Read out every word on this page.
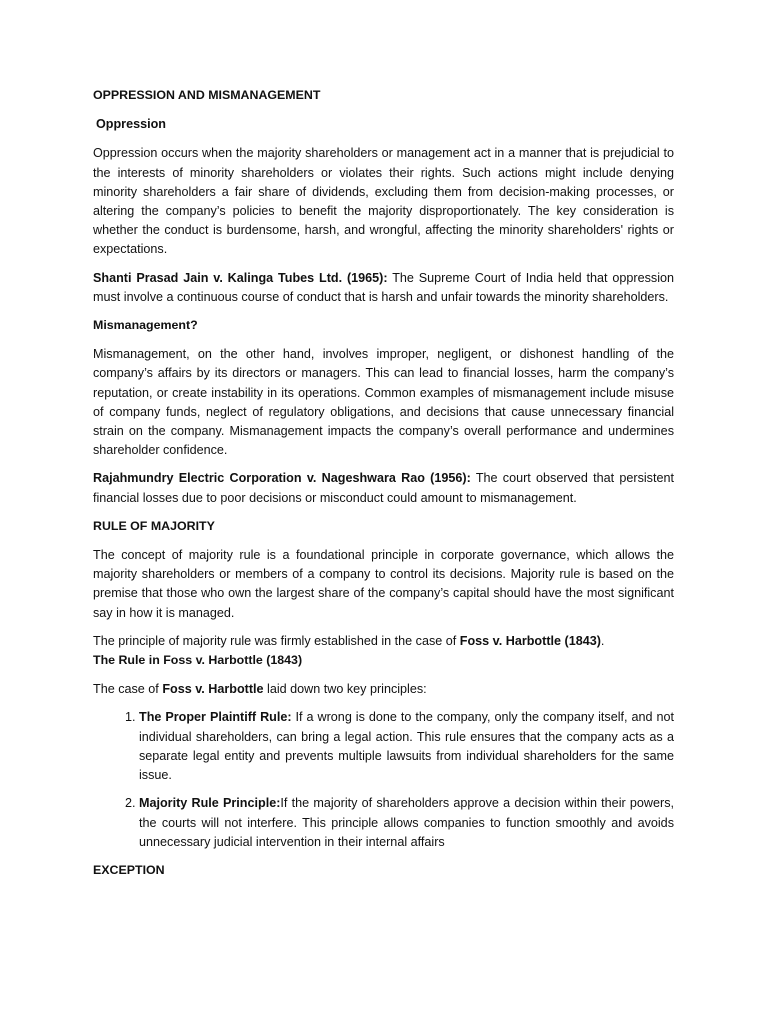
OPPRESSION AND MISMANAGEMENT

Oppression

Oppression occurs when the majority shareholders or management act in a manner that is prejudicial to the interests of minority shareholders or violates their rights. Such actions might include denying minority shareholders a fair share of dividends, excluding them from decision-making processes, or altering the company’s policies to benefit the majority disproportionately. The key consideration is whether the conduct is burdensome, harsh, and wrongful, affecting the minority shareholders' rights or expectations.

Shanti Prasad Jain v. Kalinga Tubes Ltd. (1965): The Supreme Court of India held that oppression must involve a continuous course of conduct that is harsh and unfair towards the minority shareholders.

Mismanagement?

Mismanagement, on the other hand, involves improper, negligent, or dishonest handling of the company’s affairs by its directors or managers. This can lead to financial losses, harm the company’s reputation, or create instability in its operations. Common examples of mismanagement include misuse of company funds, neglect of regulatory obligations, and decisions that cause unnecessary financial strain on the company. Mismanagement impacts the company’s overall performance and undermines shareholder confidence.

Rajahmundry Electric Corporation v. Nageshwara Rao (1956): The court observed that persistent financial losses due to poor decisions or misconduct could amount to mismanagement.

RULE OF MAJORITY

The concept of majority rule is a foundational principle in corporate governance, which allows the majority shareholders or members of a company to control its decisions. Majority rule is based on the premise that those who own the largest share of the company’s capital should have the most significant say in how it is managed.

The principle of majority rule was firmly established in the case of Foss v. Harbottle (1843).

The Rule in Foss v. Harbottle (1843)

The case of Foss v. Harbottle laid down two key principles:

1. The Proper Plaintiff Rule: If a wrong is done to the company, only the company itself, and not individual shareholders, can bring a legal action. This rule ensures that the company acts as a separate legal entity and prevents multiple lawsuits from individual shareholders for the same issue.
2. Majority Rule Principle:If the majority of shareholders approve a decision within their powers, the courts will not interfere. This principle allows companies to function smoothly and avoids unnecessary judicial intervention in their internal affairs

EXCEPTION
